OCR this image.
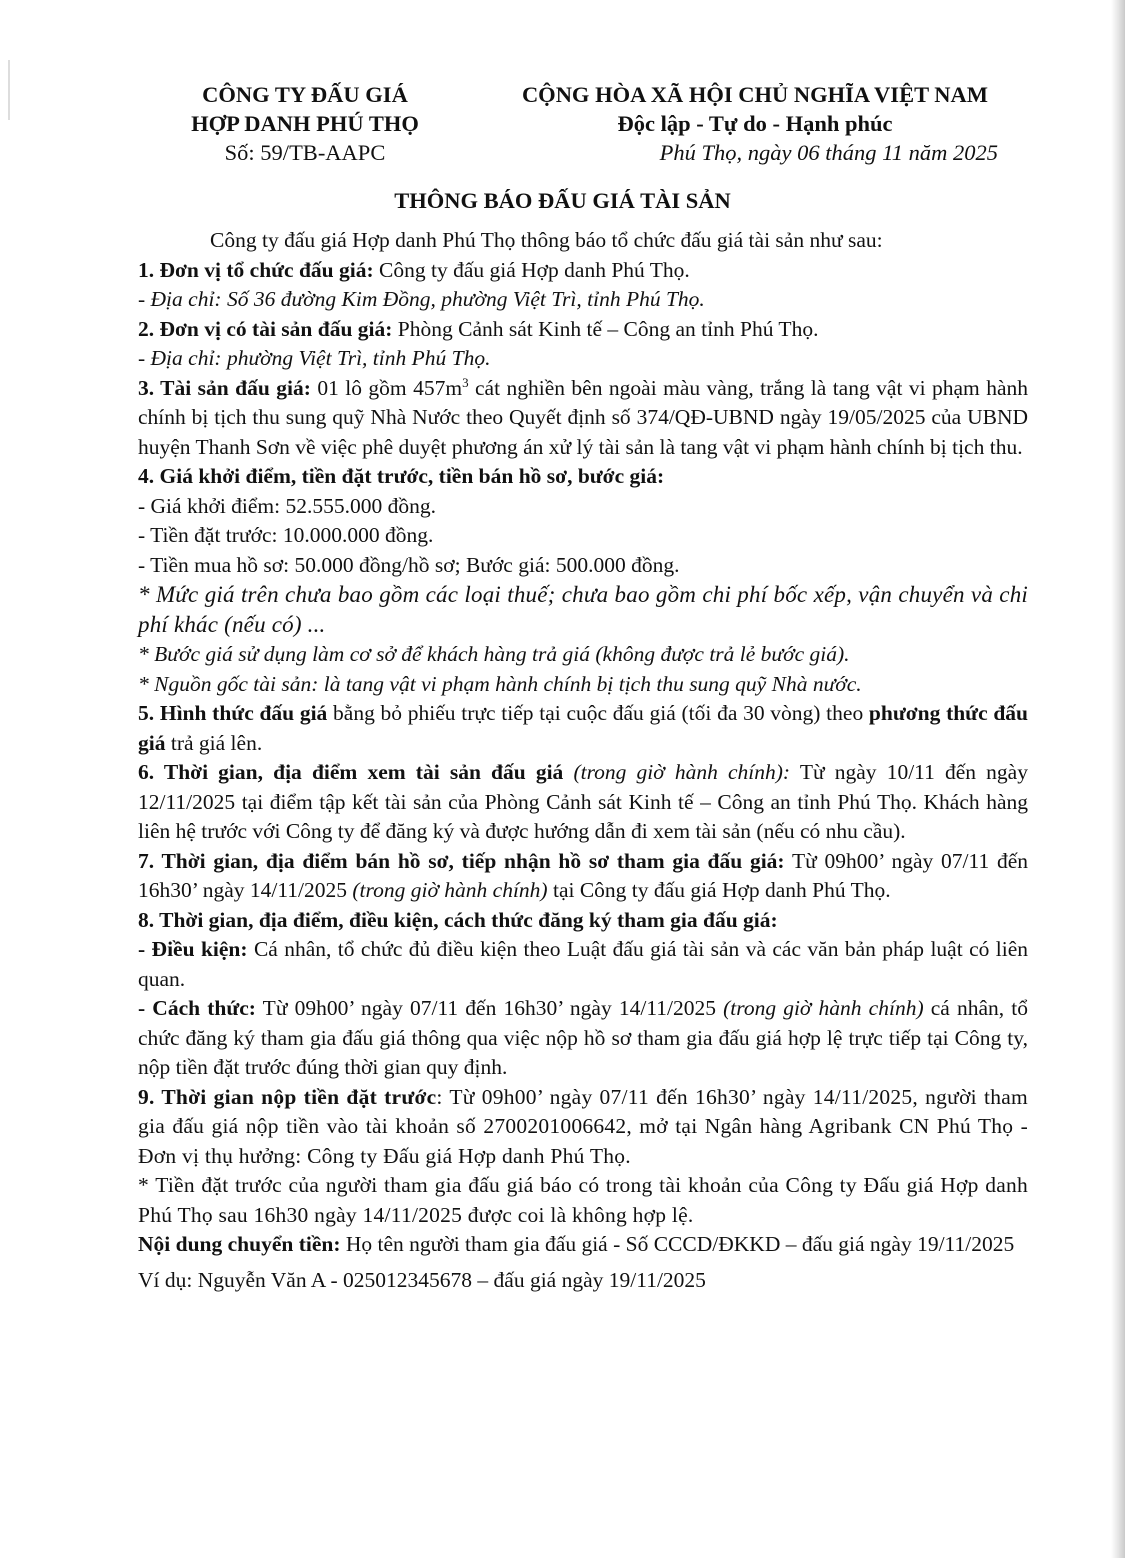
CÔNG TY ĐẤU GIÁ
HỢP DANH PHÚ THỌ
Số: 59/TB-AAPC
CỘNG HÒA XÃ HỘI CHỦ NGHĨA VIỆT NAM
Độc lập - Tự do - Hạnh phúc
Phú Thọ, ngày 06 tháng 11 năm 2025
THÔNG BÁO ĐẤU GIÁ TÀI SẢN

Công ty đấu giá Hợp danh Phú Thọ thông báo tổ chức đấu giá tài sản như sau:

1. Đơn vị tổ chức đấu giá: Công ty đấu giá Hợp danh Phú Thọ.

- Địa chỉ: Số 36 đường Kim Đồng, phường Việt Trì, tỉnh Phú Thọ.

2. Đơn vị có tài sản đấu giá: Phòng Cảnh sát Kinh tế – Công an tỉnh Phú Thọ.

- Địa chỉ: phường Việt Trì, tỉnh Phú Thọ.

3. Tài sản đấu giá: 01 lô gồm $457m^3$ cát nghiền bên ngoài màu vàng, trắng là tang vật vi phạm hành chính bị tịch thu sung quỹ Nhà Nước theo Quyết định số 374/QĐ-UBND ngày 19/05/2025 của UBND huyện Thanh Sơn về việc phê duyệt phương án xử lý tài sản là tang vật vi phạm hành chính bị tịch thu.

4. Giá khởi điểm, tiền đặt trước, tiền bán hồ sơ, bước giá:

- Giá khởi điểm: 52.555.000 đồng.

- Tiền đặt trước: 10.000.000 đồng.

- Tiền mua hồ sơ: 50.000 đồng/hồ sơ; Bước giá: 500.000 đồng.

* Mức giá trên chưa bao gồm các loại thuế; chưa bao gồm chi phí bốc xếp, vận chuyển và chi phí khác (nếu có) ...

* Bước giá sử dụng làm cơ sở để khách hàng trả giá (không được trả lẻ bước giá).

* Nguồn gốc tài sản: là tang vật vi phạm hành chính bị tịch thu sung quỹ Nhà nước.

5. Hình thức đấu giá bằng bỏ phiếu trực tiếp tại cuộc đấu giá (tối đa 30 vòng) theo phương thức đấu giá trả giá lên.

6. Thời gian, địa điểm xem tài sản đấu giá (trong giờ hành chính): Từ ngày 10/11 đến ngày 12/11/2025 tại điểm tập kết tài sản của Phòng Cảnh sát Kinh tế – Công an tỉnh Phú Thọ. Khách hàng liên hệ trước với Công ty để đăng ký và được hướng dẫn đi xem tài sản (nếu có nhu cầu).

7. Thời gian, địa điểm bán hồ sơ, tiếp nhận hồ sơ tham gia đấu giá: Từ 09h00’ ngày 07/11 đến 16h30’ ngày 14/11/2025 (trong giờ hành chính) tại Công ty đấu giá Hợp danh Phú Thọ.

8. Thời gian, địa điểm, điều kiện, cách thức đăng ký tham gia đấu giá:

- Điều kiện: Cá nhân, tổ chức đủ điều kiện theo Luật đấu giá tài sản và các văn bản pháp luật có liên quan.

- Cách thức: Từ 09h00’ ngày 07/11 đến 16h30’ ngày 14/11/2025 (trong giờ hành chính) cá nhân, tổ chức đăng ký tham gia đấu giá thông qua việc nộp hồ sơ tham gia đấu giá hợp lệ trực tiếp tại Công ty, nộp tiền đặt trước đúng thời gian quy định.

9. Thời gian nộp tiền đặt trước: Từ 09h00’ ngày 07/11 đến 16h30’ ngày 14/11/2025, người tham gia đấu giá nộp tiền vào tài khoản số 2700201006642, mở tại Ngân hàng Agribank CN Phú Thọ - Đơn vị thụ hưởng: Công ty Đấu giá Hợp danh Phú Thọ.

* Tiền đặt trước của người tham gia đấu giá báo có trong tài khoản của Công ty Đấu giá Hợp danh Phú Thọ sau 16h30 ngày 14/11/2025 được coi là không hợp lệ.

Nội dung chuyển tiền: Họ tên người tham gia đấu giá - Số CCCD/ĐKKD – đấu giá ngày 19/11/2025

Ví dụ: Nguyễn Văn A - 025012345678 – đấu giá ngày 19/11/2025
